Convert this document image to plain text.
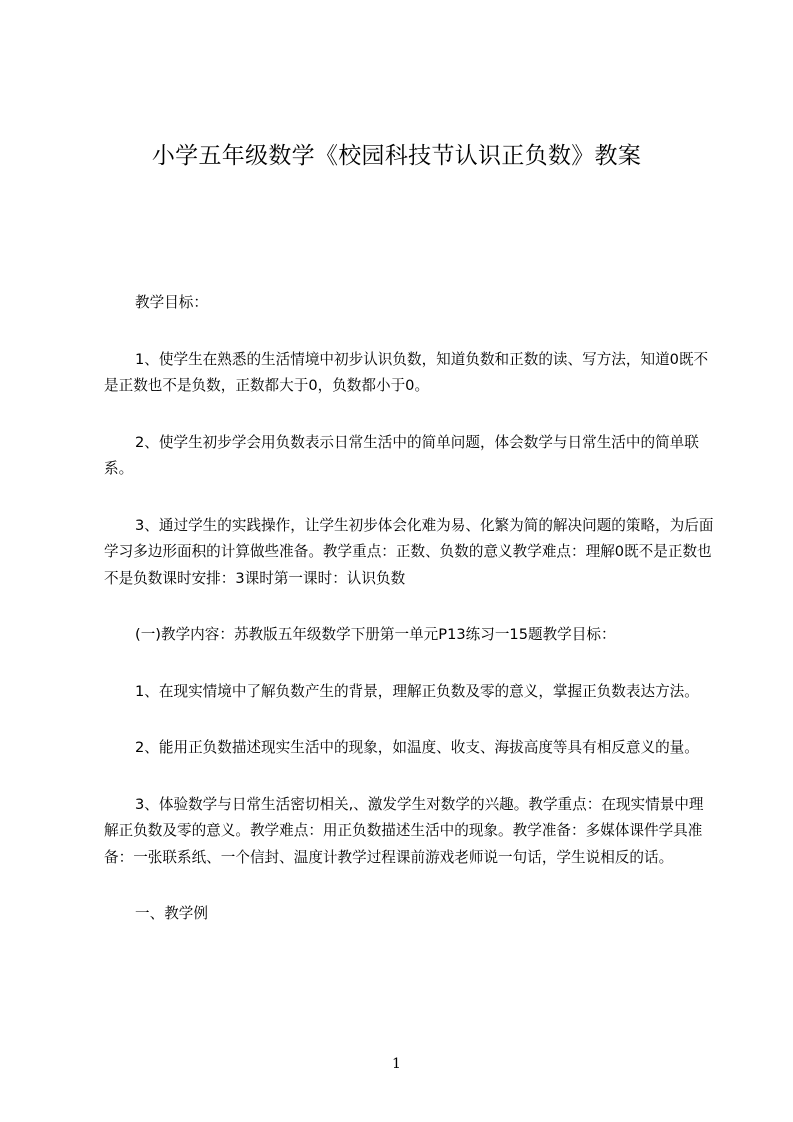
小学五年级数学《校园科技节认识正负数》教案

教学目标：

1、使学生在熟悉的生活情境中初步认识负数，知道负数和正数的读、写方法，知道0既不是正数也不是负数，正数都大于0，负数都小于0。

2、使学生初步学会用负数表示日常生活中的简单问题，体会数学与日常生活中的简单联系。

3、通过学生的实践操作，让学生初步体会化难为易、化繁为简的解决问题的策略，为后面学习多边形面积的计算做些准备。教学重点：正数、负数的意义教学难点：理解0既不是正数也不是负数课时安排：3课时第一课时：认识负数

(一)教学内容：苏教版五年级数学下册第一单元P13练习一15题教学目标：

1、在现实情境中了解负数产生的背景，理解正负数及零的意义，掌握正负数表达方法。

2、能用正负数描述现实生活中的现象，如温度、收支、海拔高度等具有相反意义的量。

3、体验数学与日常生活密切相关,、激发学生对数学的兴趣。教学重点：在现实情景中理解正负数及零的意义。教学难点：用正负数描述生活中的现象。教学准备：多媒体课件学具准备：一张联系纸、一个信封、温度计教学过程课前游戏老师说一句话，学生说相反的话。

一、教学例

1
